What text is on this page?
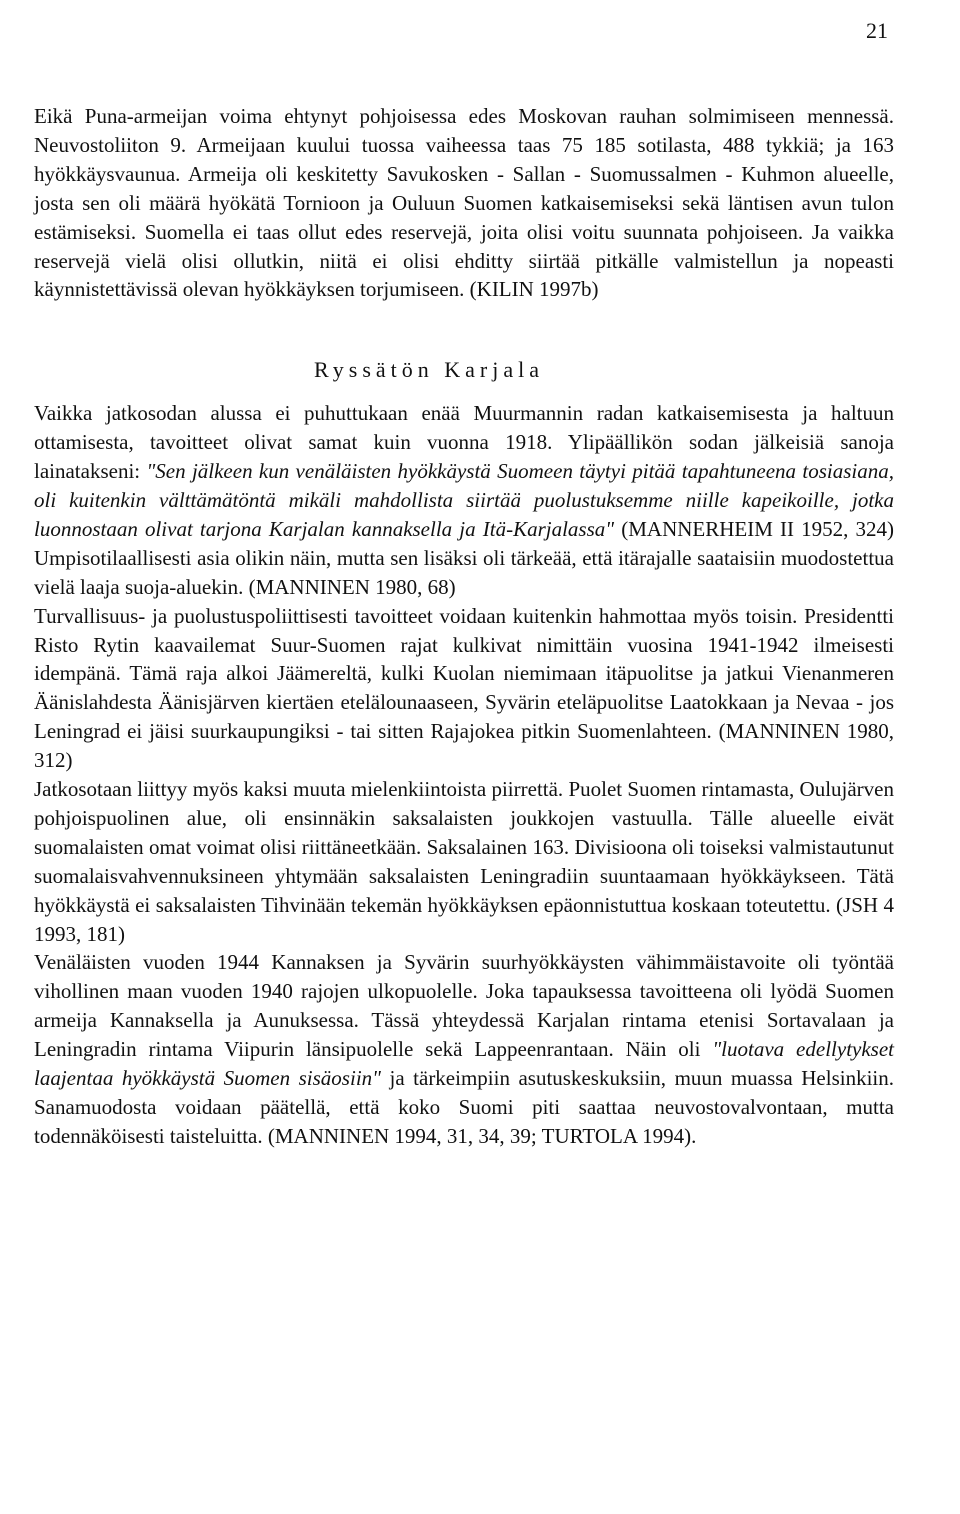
21

Eikä Puna-armeijan voima ehtynyt pohjoisessa edes Moskovan rauhan solmimiseen mennessä. Neuvostoliiton 9. Armeijaan kuului tuossa vaiheessa taas 75 185 sotilasta, 488 tykkiä; ja 163 hyökkäysvaunua. Armeija oli keskitetty Savukosken - Sallan - Suomussalmen - Kuhmon alueelle, josta sen oli määrä hyökätä Tornioon ja Ouluun Suomen katkaisemiseksi sekä läntisen avun tulon estämiseksi. Suomella ei taas ollut edes reservejä, joita olisi voitu suunnata pohjoiseen. Ja vaikka reservejä vielä olisi ollutkin, niitä ei olisi ehditty siirtää pitkälle valmistellun ja nopeasti käynnistettävissä olevan hyökkäyksen torjumiseen. (KILIN 1997b)

Ryssätön Karjala

Vaikka jatkosodan alussa ei puhuttukaan enää Muurmannin radan katkaisemisesta ja haltuun ottamisesta, tavoitteet olivat samat kuin vuonna 1918. Ylipäällikön sodan jälkeisiä sanoja lainatakseni: "Sen jälkeen kun venäläisten hyökkäystä Suomeen täytyi pitää tapahtuneena tosiasiana, oli kuitenkin välttämätöntä mikäli mahdollista siirtää puolustuksemme niille kapeikoille, jotka luonnostaan olivat tarjona Karjalan kannaksella ja Itä-Karjalassa" (MANNERHEIM II 1952, 324) Umpisotilaallisesti asia olikin näin, mutta sen lisäksi oli tärkeää, että itärajalle saataisiin muodostettua vielä laaja suoja-aluekin. (MANNINEN 1980, 68)

Turvallisuus- ja puolustuspoliittisesti tavoitteet voidaan kuitenkin hahmottaa myös toisin. Presidentti Risto Rytin kaavailemat Suur-Suomen rajat kulkivat nimittäin vuosina 1941-1942 ilmeisesti idempänä. Tämä raja alkoi Jäämereltä, kulki Kuolan niemimaan itäpuolitse ja jatkui Vienanmeren Äänislahdesta Äänisjärven kiertäen etelälounaaseen, Syvärin eteläpuolitse Laatokkaan ja Nevaa - jos Leningrad ei jäisi suurkaupungiksi - tai sitten Rajajokea pitkin Suomenlahteen. (MANNINEN 1980, 312)

Jatkosotaan liittyy myös kaksi muuta mielenkiintoista piirrettä. Puolet Suomen rintamasta, Oulujärven pohjoispuolinen alue, oli ensinnäkin saksalaisten joukkojen vastuulla. Tälle alueelle eivät suomalaisten omat voimat olisi riittäneetkään. Saksalainen 163. Divisioona oli toiseksi valmistautunut suomalaisvahvennuksineen yhtymään saksalaisten Leningradiin suuntaamaan hyökkäykseen. Tätä hyökkäystä ei saksalaisten Tihvinään tekemän hyökkäyksen epäonnistuttua koskaan toteutettu. (JSH 4 1993, 181)

Venäläisten vuoden 1944 Kannaksen ja Syvärin suurhyökkäysten vähimmäistavoite oli työntää vihollinen maan vuoden 1940 rajojen ulkopuolelle. Joka tapauksessa tavoitteena oli lyödä Suomen armeija Kannaksella ja Aunuksessa. Tässä yhteydessä Karjalan rintama etenisi Sortavalaan ja Leningradin rintama Viipurin länsipuolelle sekä Lappeenrantaan. Näin oli "luotava edellytykset laajentaa hyökkäystä Suomen sisäosiin" ja tärkeimpiin asutuskeskuksiin, muun muassa Helsinkiin. Sanamuodosta voidaan päätellä, että koko Suomi piti saattaa neuvostovalvontaan, mutta todennäköisesti taisteluitta. (MANNINEN 1994, 31, 34, 39; TURTOLA 1994).
